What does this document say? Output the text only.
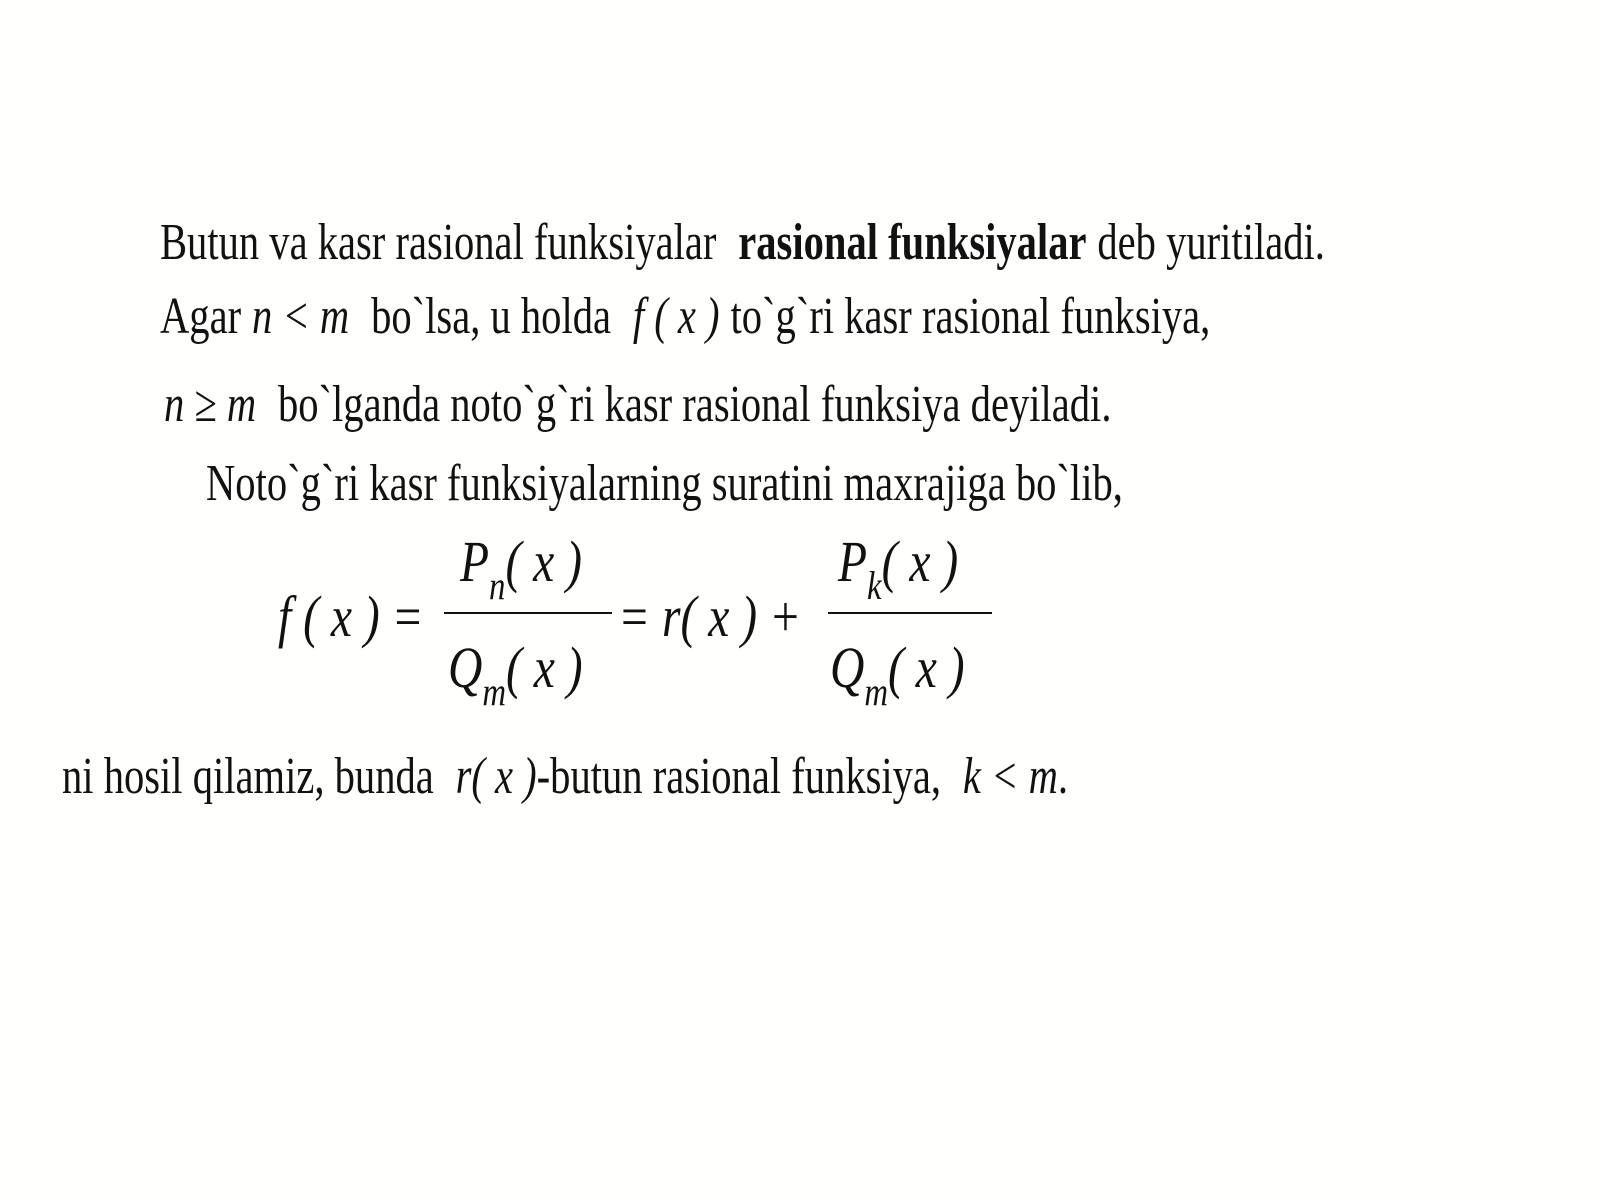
Butun va kasr rasional funksiyalar rasional funksiyalar deb yuritiladi.
Agar n < m bo`lsa, u holda f ( x ) to`g`ri kasr rasional funksiya,
n ≥ m bo`lganda noto`g`ri kasr rasional funksiya deyiladi.
Noto`g`ri kasr funksiyalarning suratini maxrajiga bo`lib,
f ( x ) =
$P_n$( x )
$Q_m$( x )
= r( x ) +
$P_k$( x )
$Q_m$( x )
ni hosil qilamiz, bunda r( x )-butun rasional funksiya, k < m.
